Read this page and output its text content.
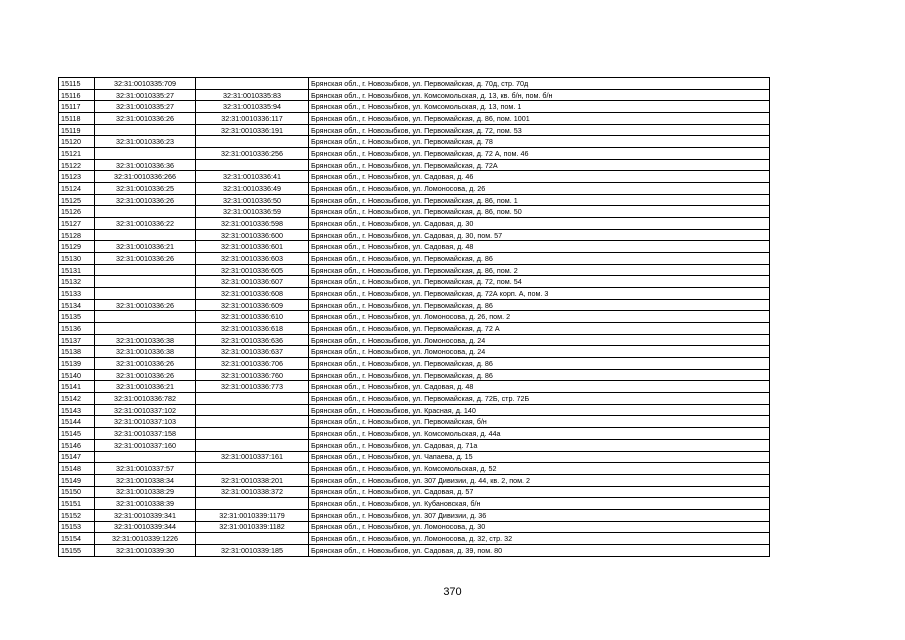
15115	32:31:0010335:709		Брянская обл., г. Новозыбков, ул. Первомайская, д. 70д, стр. 70д
15116	32:31:0010335:27	32:31:0010335:83	Брянская обл., г. Новозыбков, ул. Комсомольская, д. 13, кв. б/н, пом. б/н
15117	32:31:0010335:27	32:31:0010335:94	Брянская обл., г. Новозыбков, ул. Комсомольская, д. 13, пом. 1
15118	32:31:0010336:26	32:31:0010336:117	Брянская обл., г. Новозыбков, ул. Первомайская, д. 86, пом. 1001
15119		32:31:0010336:191	Брянская обл., г. Новозыбков, ул. Первомайская, д. 72, пом. 53
15120	32:31:0010336:23		Брянская обл., г. Новозыбков, ул. Первомайская, д. 78
15121		32:31:0010336:256	Брянская обл., г. Новозыбков, ул. Первомайская, д. 72 А, пом. 46
15122	32:31:0010336:36		Брянская обл., г. Новозыбков, ул. Первомайская, д. 72А
15123	32:31:0010336:266	32:31:0010336:41	Брянская обл., г. Новозыбков, ул. Садовая, д. 46
15124	32:31:0010336:25	32:31:0010336:49	Брянская обл., г. Новозыбков, ул. Ломоносова, д. 26
15125	32:31:0010336:26	32:31:0010336:50	Брянская обл., г. Новозыбков, ул. Первомайская, д. 86, пом. 1
15126		32:31:0010336:59	Брянская обл., г. Новозыбков, ул. Первомайская, д. 86, пом. 50
15127	32:31:0010336:22	32:31:0010336:598	Брянская обл., г. Новозыбков, ул. Садовая, д. 30
15128		32:31:0010336:600	Брянская обл., г. Новозыбков, ул. Садовая, д. 30, пом. 57
15129	32:31:0010336:21	32:31:0010336:601	Брянская обл., г. Новозыбков, ул. Садовая, д. 48
15130	32:31:0010336:26	32:31:0010336:603	Брянская обл., г. Новозыбков, ул. Первомайская, д. 86
15131		32:31:0010336:605	Брянская обл., г. Новозыбков, ул. Первомайская, д. 86, пом. 2
15132		32:31:0010336:607	Брянская обл., г. Новозыбков, ул. Первомайская, д. 72, пом. 54
15133		32:31:0010336:608	Брянская обл., г. Новозыбков, ул. Первомайская, д. 72А корп. А, пом. 3
15134	32:31:0010336:26	32:31:0010336:609	Брянская обл., г. Новозыбков, ул. Первомайская, д. 86
15135		32:31:0010336:610	Брянская обл., г. Новозыбков, ул. Ломоносова, д. 26, пом. 2
15136		32:31:0010336:618	Брянская обл., г. Новозыбков, ул. Первомайская, д. 72 А
15137	32:31:0010336:38	32:31:0010336:636	Брянская обл., г. Новозыбков, ул. Ломоносова, д. 24
15138	32:31:0010336:38	32:31:0010336:637	Брянская обл., г. Новозыбков, ул. Ломоносова, д. 24
15139	32:31:0010336:26	32:31:0010336:706	Брянская обл., г. Новозыбков, ул. Первомайская, д. 86
15140	32:31:0010336:26	32:31:0010336:760	Брянская обл., г. Новозыбков, ул. Первомайская, д. 86
15141	32:31:0010336:21	32:31:0010336:773	Брянская обл., г. Новозыбков, ул. Садовая, д. 48
15142	32:31:0010336:782		Брянская обл., г. Новозыбков, ул. Первомайская, д. 72Б, стр. 72Б
15143	32:31:0010337:102		Брянская обл., г. Новозыбков, ул. Красная, д. 140
15144	32:31:0010337:103		Брянская обл., г. Новозыбков, ул. Первомайская, б/н
15145	32:31:0010337:158		Брянская обл., г. Новозыбков, ул. Комсомольская, д. 44а
15146	32:31:0010337:160		Брянская обл., г. Новозыбков, ул. Садовая, д. 71а
15147		32:31:0010337:161	Брянская обл., г. Новозыбков, ул. Чапаева, д. 15
15148	32:31:0010337:57		Брянская обл., г. Новозыбков, ул. Комсомольская, д. 52
15149	32:31:0010338:34	32:31:0010338:201	Брянская обл., г. Новозыбков, ул. 307 Дивизии, д. 44, кв. 2, пом. 2
15150	32:31:0010338:29	32:31:0010338:372	Брянская обл., г. Новозыбков, ул. Садовая, д. 57
15151	32:31:0010338:39		Брянская обл., г. Новозыбков, ул. Кубановская, б/н
15152	32:31:0010339:341	32:31:0010339:1179	Брянская обл., г. Новозыбков, ул. 307 Дивизии, д. 36
15153	32:31:0010339:344	32:31:0010339:1182	Брянская обл., г. Новозыбков, ул. Ломоносова, д. 30
15154	32:31:0010339:1226		Брянская обл., г. Новозыбков, ул. Ломоносова, д. 32, стр. 32
15155	32:31:0010339:30	32:31:0010339:185	Брянская обл., г. Новозыбков, ул. Садовая, д. 39, пом. 80
370
